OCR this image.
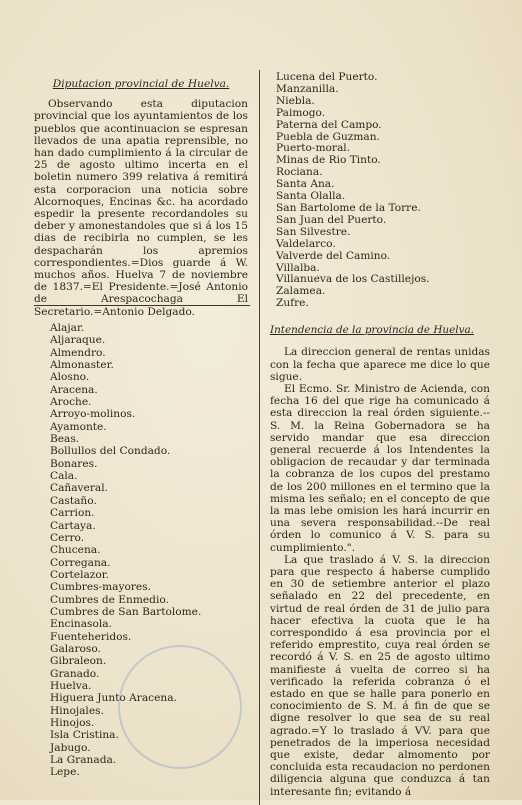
Diputacion provincial de Huelva.

Observando esta diputacion provincial que los ayuntamientos de los pueblos que acontinuacion se espresan llevados de una apatia reprensible, no han dado cumplimiento á la circular de 25 de agosto ultimo incerta en el boletin numero 399 relativa á remitirá esta corporacion una noticia sobre Alcornoques, Encinas &c. ha acordado espedir la presente recordandoles su deber y amonestandoles que si á los 15 dias de recibirla no cumplen, se les despacharán los apremios correspondientes.=Dios guarde á W. muchos años. Huelva 7 de noviembre de 1837.=El Presidente.=José Antonio de Arespacochaga El Secretario.=Antonio Delgado.

Alajar.
Aljaraque.
Almendro.
Almonaster.
Alosno.
Aracena.
Aroche.
Arroyo-molinos.
Ayamonte.
Beas.
Bollullos del Condado.
Bonares.
Cala.
Cañaveral.
Castaño.
Carrion.
Cartaya.
Cerro.
Chucena.
Corregana.
Cortelazor.
Cumbres-mayores.
Cumbres de Enmedio.
Cumbres de San Bartolome.
Encinasola.
Fuenteheridos.
Galaroso.
Gibraleon.
Granado.
Huelva.
Higuera Junto Aracena.
Hinojales.
Hinojos.
Isla Cristina.
Jabugo.
La Granada.
Lepe.
Lucena del Puerto.
Manzanilla.
Niebla.
Paimogo.
Paterna del Campo.
Puebla de Guzman.
Puerto-moral.
Minas de Rio Tinto.
Rociana.
Santa Ana.
Santa Olalla.
San Bartolome de la Torre.
San Juan del Puerto.
San Silvestre.
Valdelarco.
Valverde del Camino.
Villalba.
Villanueva de los Castillejos.
Zalamea.
Zufre.
Intendencia de la provincia de Huelva.

La direccion general de rentas unidas con la fecha que aparece me dice lo que sigue.

El Ecmo. Sr. Ministro de Acienda, con fecha 16 del que rige ha comunicado á esta direccion la real órden siguiente.--S. M. la Reina Gobernadora se ha servido mandar que esa direccion general recuerde á los Intendentes la obligacion de recaudar y dar terminada la cobranza de los cupos del prestamo de los 200 millones en el termino que la misma les señalo; en el concepto de que la mas lebe omision les hará incurrir en una severa responsabilidad.--De real órden lo comunico á V. S. para su cumplimiento.".

La que traslado á V. S. la direccion para que respecto á haberse cumplido en 30 de setiembre anterior el plazo señalado en 22 del precedente, en virtud de real órden de 31 de julio para hacer efectiva la cuota que le ha correspondido á esa provincia por el referido emprestito, cuya real órden se recordó á V. S. en 25 de agosto ultimo manifieste á vuelta de correo si ha verificado la referida cobranza ó el estado en que se halle para ponerlo en conocimiento de S. M. á fin de que se digne resolver lo que sea de su real agrado.=Y lo traslado á VV. para que penetrados de la imperiosa necesidad que existe, dedar almomento por concluida esta recaudacion no perdonen diligencia alguna que conduzca á tan interesante fin; evitando á
